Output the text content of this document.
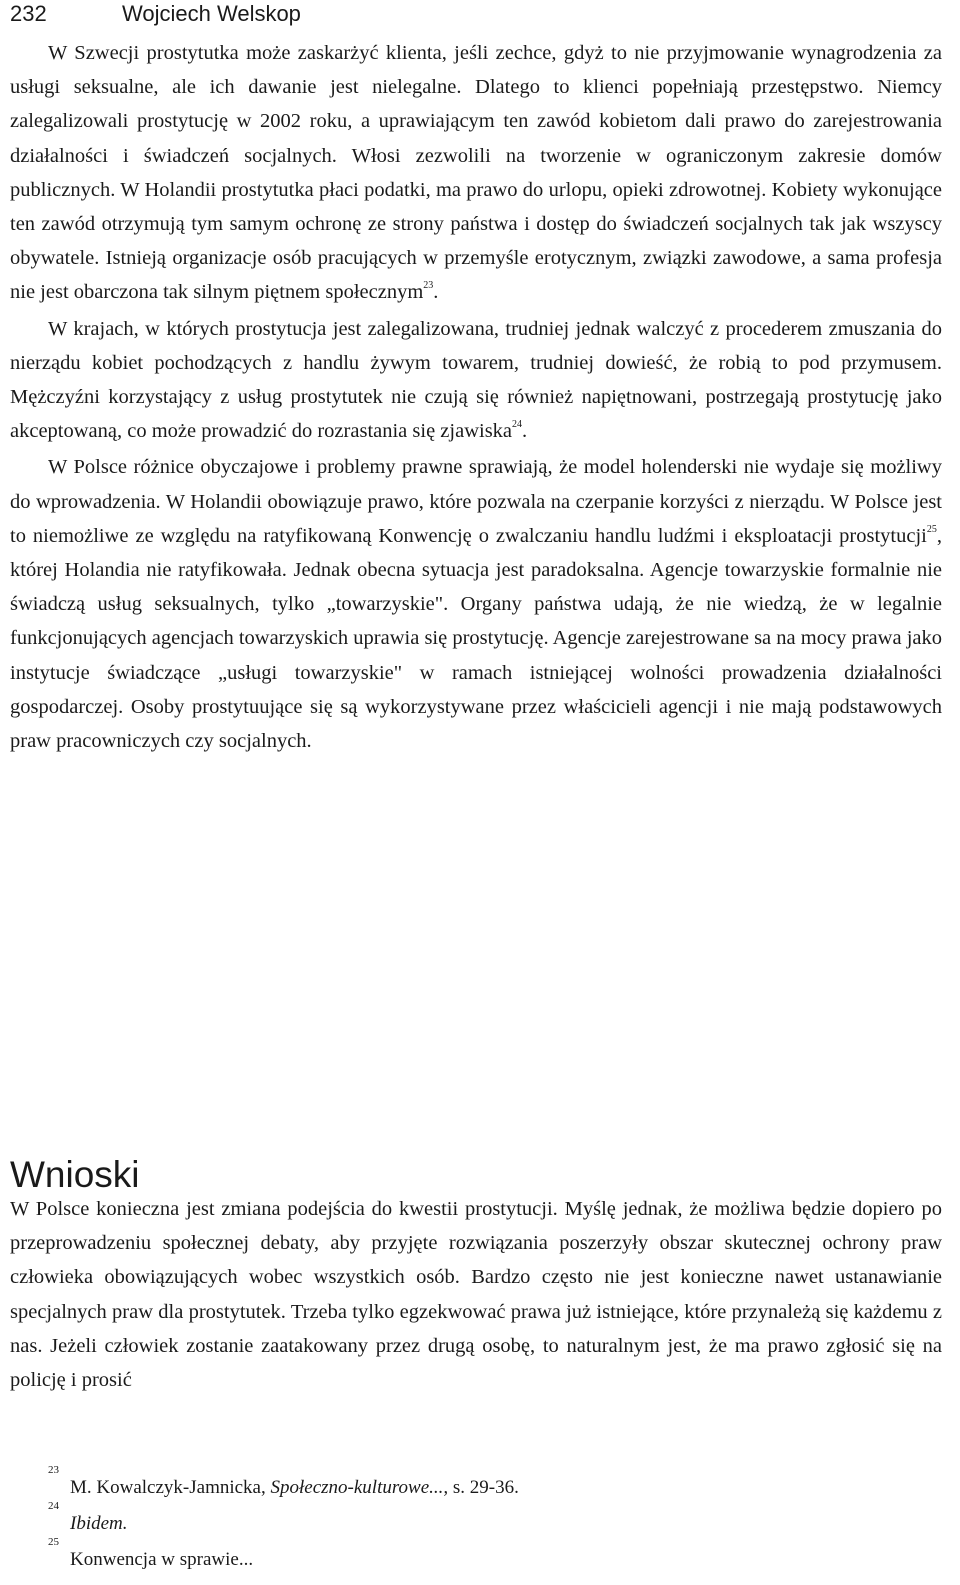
232	Wojciech Welskop

W Szwecji prostytutka może zaskarżyć klienta, jeśli zechce, gdyż to nie przyjmowanie wynagrodzenia za usługi seksualne, ale ich dawanie jest nielegalne. Dlatego to klienci popełniają przestępstwo. Niemcy zalegalizowali prostytucję w 2002 roku, a uprawiającym ten zawód kobietom dali prawo do zarejestrowania działalności i świadczeń socjalnych. Włosi zezwolili na tworzenie w ograniczonym zakresie domów publicznych. W Holandii prostytutka płaci podatki, ma prawo do urlopu, opieki zdrowotnej. Kobiety wykonujące ten zawód otrzymują tym samym ochronę ze strony państwa i dostęp do świadczeń socjalnych tak jak wszyscy obywatele. Istnieją organizacje osób pracujących w przemyśle erotycznym, związki zawodowe, a sama profesja nie jest obarczona tak silnym piętnem społecznym$^{23}$.

W krajach, w których prostytucja jest zalegalizowana, trudniej jednak walczyć z procederem zmuszania do nierządu kobiet pochodzących z handlu żywym towarem, trudniej dowieść, że robią to pod przymusem. Mężczyźni korzystający z usług prostytutek nie czują się również napiętnowani, postrzegają prostytucję jako akceptowaną, co może prowadzić do rozrastania się zjawiska$^{24}$.

W Polsce różnice obyczajowe i problemy prawne sprawiają, że model holenderski nie wydaje się możliwy do wprowadzenia. W Holandii obowiązuje prawo, które pozwala na czerpanie korzyści z nierządu. W Polsce jest to niemożliwe ze względu na ratyfikowaną Konwencję o zwalczaniu handlu ludźmi i eksploatacji prostytucji$^{25}$, której Holandia nie ratyfikowała. Jednak obecna sytuacja jest paradoksalna. Agencje towarzyskie formalnie nie świadczą usług seksualnych, tylko „towarzyskie". Organy państwa udają, że nie wiedzą, że w legalnie funkcjonujących agencjach towarzyskich uprawia się prostytucję. Agencje zarejestrowane sa na mocy prawa jako instytucje świadczące „usługi towarzyskie" w ramach istniejącej wolności prowadzenia działalności gospodarczej. Osoby prostytuujące się są wykorzystywane przez właścicieli agencji i nie mają podstawowych praw pracowniczych czy socjalnych.

Wnioski

W Polsce konieczna jest zmiana podejścia do kwestii prostytucji. Myślę jednak, że możliwa będzie dopiero po przeprowadzeniu społecznej debaty, aby przyjęte rozwiązania poszerzyły obszar skutecznej ochrony praw człowieka obowiązujących wobec wszystkich osób. Bardzo często nie jest konieczne nawet ustanawianie specjalnych praw dla prostytutek. Trzeba tylko egzekwować prawa już istniejące, które przynależą się każdemu z nas. Jeżeli człowiek zostanie zaatakowany przez drugą osobę, to naturalnym jest, że ma prawo zgłosić się na policję i prosić

23
M. Kowalczyk-Jamnicka, Społeczno-kulturowe..., s. 29-36.
24
Ibidem.
25
Konwencja w sprawie...
